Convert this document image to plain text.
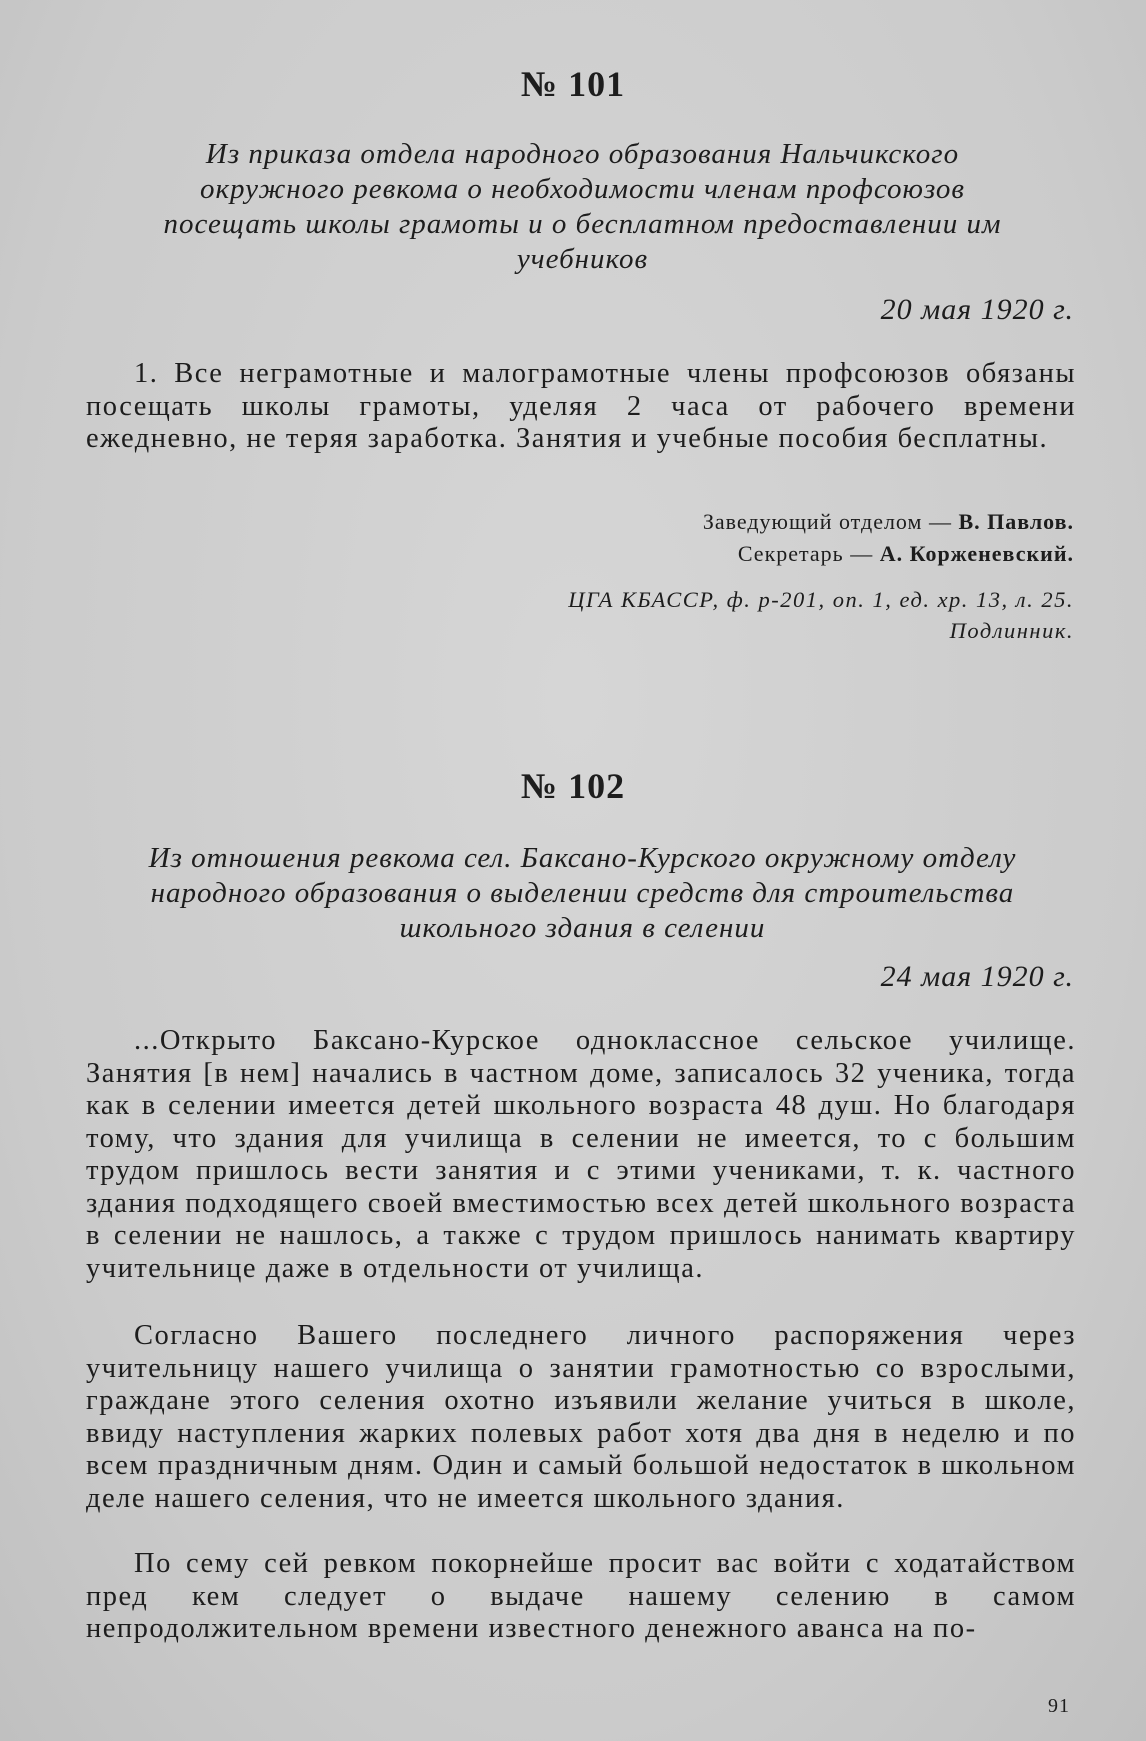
№ 101
Из приказа отдела народного образования Нальчикского окружного ревкома о необходимости членам профсоюзов посещать школы грамоты и о бесплатном предоставлении им учебников
20 мая 1920 г.
1. Все неграмотные и малограмотные члены профсоюзов обязаны посещать школы грамоты, уделяя 2 часа от рабочего времени ежедневно, не теряя заработка. Занятия и учебные пособия бесплатны.
Заведующий отделом — В. Павлов.
Секретарь — А. Корженевский.
ЦГА КБАССР, ф. р-201, оп. 1, ед. хр. 13, л. 25.
Подлинник.
№ 102
Из отношения ревкома сел. Баксано-Курского окружному отделу народного образования о выделении средств для строительства школьного здания в селении
24 мая 1920 г.
...Открыто Баксано-Курское одноклассное сельское училище. Занятия [в нем] начались в частном доме, записалось 32 ученика, тогда как в селении имеется детей школьного возраста 48 душ. Но благодаря тому, что здания для училища в селении не имеется, то с большим трудом пришлось вести занятия и с этими учениками, т. к. частного здания подходящего своей вместимостью всех детей школьного возраста в селении не нашлось, а также с трудом пришлось нанимать квартиру учительнице даже в отдельности от училища.
Согласно Вашего последнего личного распоряжения через учительницу нашего училища о занятии грамотностью со взрослыми, граждане этого селения охотно изъявили желание учиться в школе, ввиду наступления жарких полевых работ хотя два дня в неделю и по всем праздничным дням. Один и самый большой недостаток в школьном деле нашего селения, что не имеется школьного здания.
По сему сей ревком покорнейше просит вас войти с ходатайством пред кем следует о выдаче нашему селению в самом непродолжительном времени известного денежного аванса на по-
91
